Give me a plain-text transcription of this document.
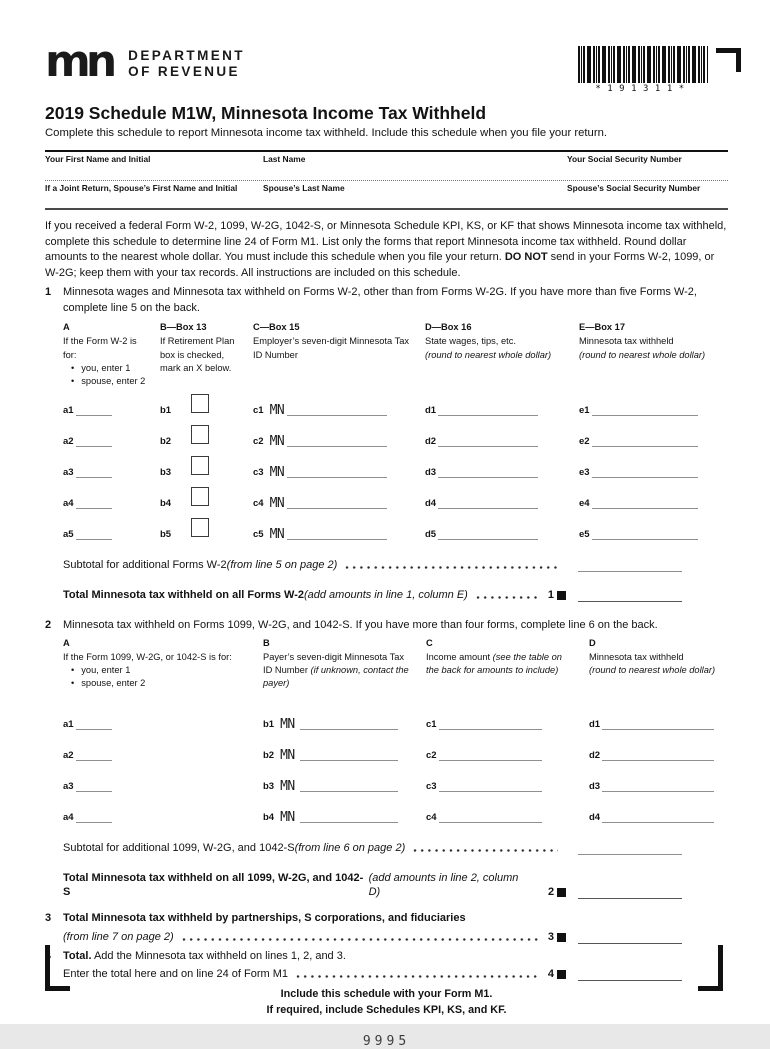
mn DEPARTMENT
OF REVENUE
*191311*
2019 Schedule M1W, Minnesota Income Tax Withheld
Complete this schedule to report Minnesota income tax withheld. Include this schedule when you file your return.
Your First Name and Initial	Last Name	Your Social Security Number
If a Joint Return, Spouse’s First Name and Initial	Spouse’s Last Name	Spouse’s Social Security Number
If you received a federal Form W-2, 1099, W-2G, 1042-S, or Minnesota Schedule KPI, KS, or KF that shows Minnesota income tax withheld, complete this schedule to determine line 24 of Form M1. List only the forms that report Minnesota income tax withheld. Round dollar amounts to the nearest whole dollar. You must include this schedule when you file your return. DO NOT send in your Forms W-2, 1099, or W-2G; keep them with your tax records. All instructions are included on this schedule.
1	Minnesota wages and Minnesota tax withheld on Forms W-2, other than from Forms W-2G. If you have more than five Forms W-2, complete line 5 on the back.
A
If the Form W-2 is for:
• you, enter 1
• spouse, enter 2
B—Box 13
If Retirement Plan box is checked, mark an X below.
C—Box 15
Employer’s seven-digit Minnesota Tax ID Number
D—Box 16
State wages, tips, etc.
(round to nearest whole dollar)
E—Box 17
Minnesota tax withheld
(round to nearest whole dollar)
a1	b1	c1 MN	d1	e1
a2	b2	c2 MN	d2	e2
a3	b3	c3 MN	d3	e3
a4	b4	c4 MN	d4	e4
a5	b5	c5 MN	d5	e5
Subtotal for additional Forms W-2 (from line 5 on page 2)
Total Minnesota tax withheld on all Forms W-2 (add amounts in line 1, column E)	1
2	Minnesota tax withheld on Forms 1099, W-2G, and 1042-S. If you have more than four forms, complete line 6 on the back.
A
If the Form 1099, W-2G, or 1042-S is for:
• you, enter 1
• spouse, enter 2
B
Payer’s seven-digit Minnesota Tax ID Number (if unknown, contact the payer)
C
Income amount (see the table on the back for amounts to include)
D
Minnesota tax withheld
(round to nearest whole dollar)
a1	b1 MN	c1	d1
a2	b2 MN	c2	d2
a3	b3 MN	c3	d3
a4	b4 MN	c4	d4
Subtotal for additional 1099, W-2G, and 1042-S (from line 6 on page 2)
Total Minnesota tax withheld on all 1099, W-2G, and 1042-S
(add amounts in line 2, column D)	2
3	Total Minnesota tax withheld by partnerships, S corporations, and fiduciaries
(from line 7 on page 2)	3
4	Total. Add the Minnesota tax withheld on lines 1, 2, and 3.
Enter the total here and on line 24 of Form M1	4
Include this schedule with your Form M1.
If required, include Schedules KPI, KS, and KF.
9995
